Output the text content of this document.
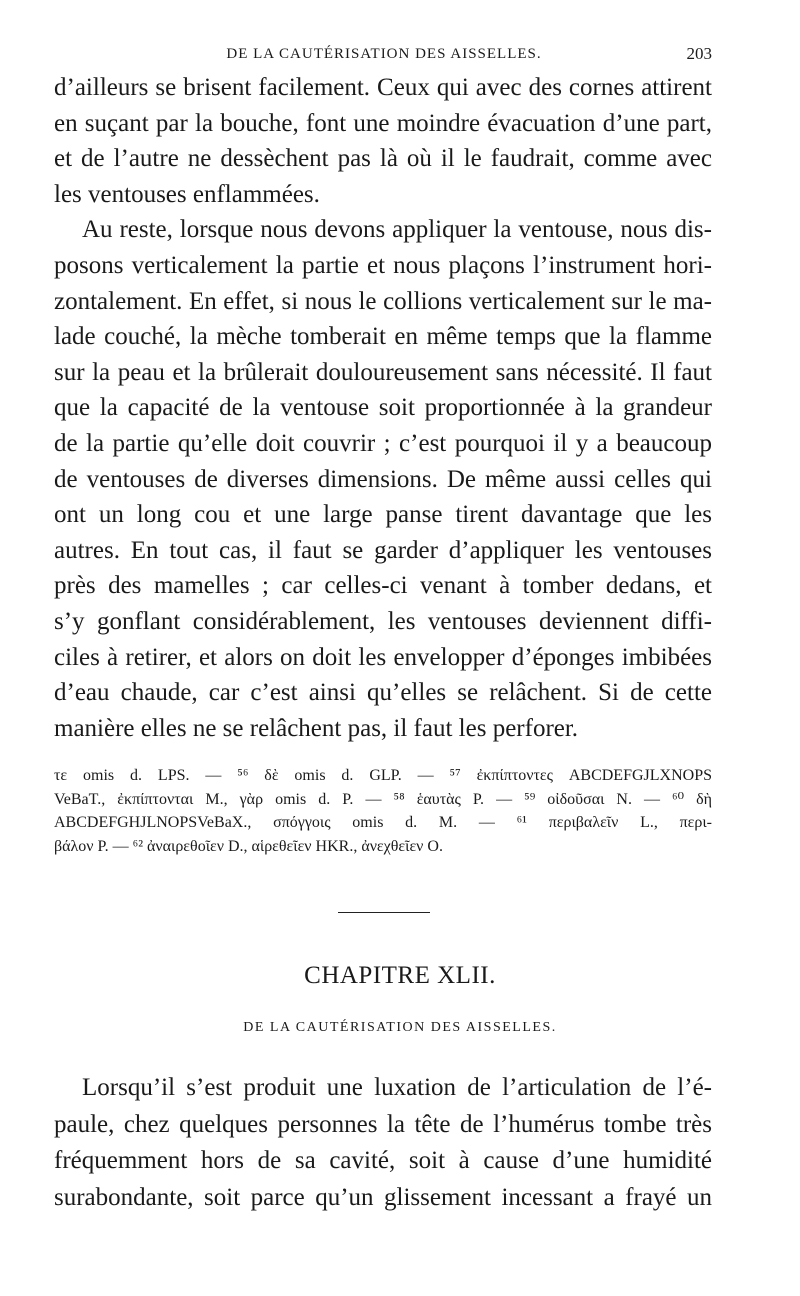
DE LA CAUTÉRISATION DES AISSELLES.	203
d’ailleurs se brisent facilement. Ceux qui avec des cornes attirent
en suçant par la bouche, font une moindre évacuation d’une part,
et de l’autre ne dessèchent pas là où il le faudrait, comme avec
les ventouses enflammées.
Au reste, lorsque nous devons appliquer la ventouse, nous dis-
posons verticalement la partie et nous plaçons l’instrument hori-
zontalement. En effet, si nous le collions verticalement sur le ma-
lade couché, la mèche tomberait en même temps que la flamme
sur la peau et la brûlerait douloureusement sans nécessité. Il faut
que la capacité de la ventouse soit proportionnée à la grandeur
de la partie qu’elle doit couvrir ; c’est pourquoi il y a beaucoup
de ventouses de diverses dimensions. De même aussi celles qui
ont un long cou et une large panse tirent davantage que les
autres. En tout cas, il faut se garder d’appliquer les ventouses
près des mamelles ; car celles-ci venant à tomber dedans, et
s’y gonflant considérablement, les ventouses deviennent diffi-
ciles à retirer, et alors on doit les envelopper d’éponges imbibées
d’eau chaude, car c’est ainsi qu’elles se relâchent. Si de cette
manière elles ne se relâchent pas, il faut les perforer.
τε omis d. LPS. — ⁵⁶ δὲ omis d. GLP. — ⁵⁷ ἐκπίπτοντες ABCDEFGJLXNOPS
VeBaT., ἐκπίπτονται M., γὰρ omis d. P. — ⁵⁸ ἑαυτὰς P. — ⁵⁹ οἰδοῦσαι N. — ⁶⁰ δὴ
ABCDEFGHJLNOPSVeBaX., σπόγγοις omis d. M. — ⁶¹ περιβαλεῖν L., περι-
βάλον P. — ⁶² ἀναιρεθοῖεν D., αἱρεθεῖεν HKR., ἀνεχθεῖεν O.
CHAPITRE XLII.
DE LA CAUTÉRISATION DES AISSELLES.
Lorsqu’il s’est produit une luxation de l’articulation de l’é-
paule, chez quelques personnes la tête de l’humérus tombe très
fréquemment hors de sa cavité, soit à cause d’une humidité
surabondante, soit parce qu’un glissement incessant a frayé un
